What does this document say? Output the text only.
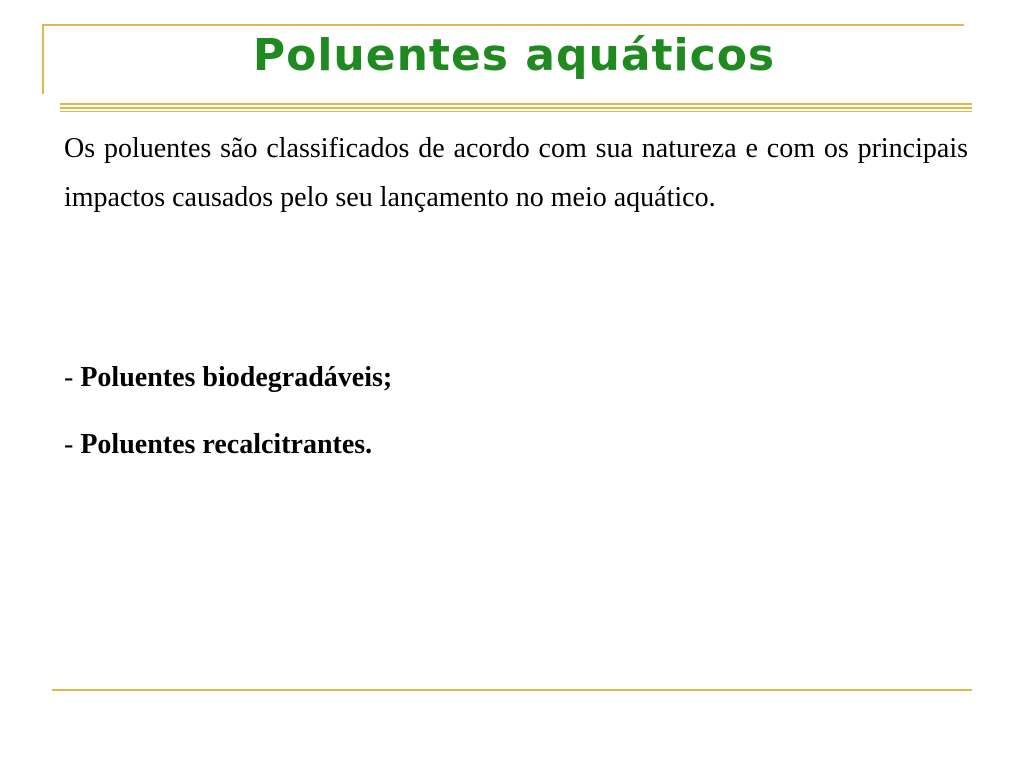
Poluentes aquáticos

Os poluentes são classificados de acordo com sua natureza e com os principais impactos causados pelo seu lançamento no meio aquático.

- Poluentes biodegradáveis;
- Poluentes recalcitrantes.
